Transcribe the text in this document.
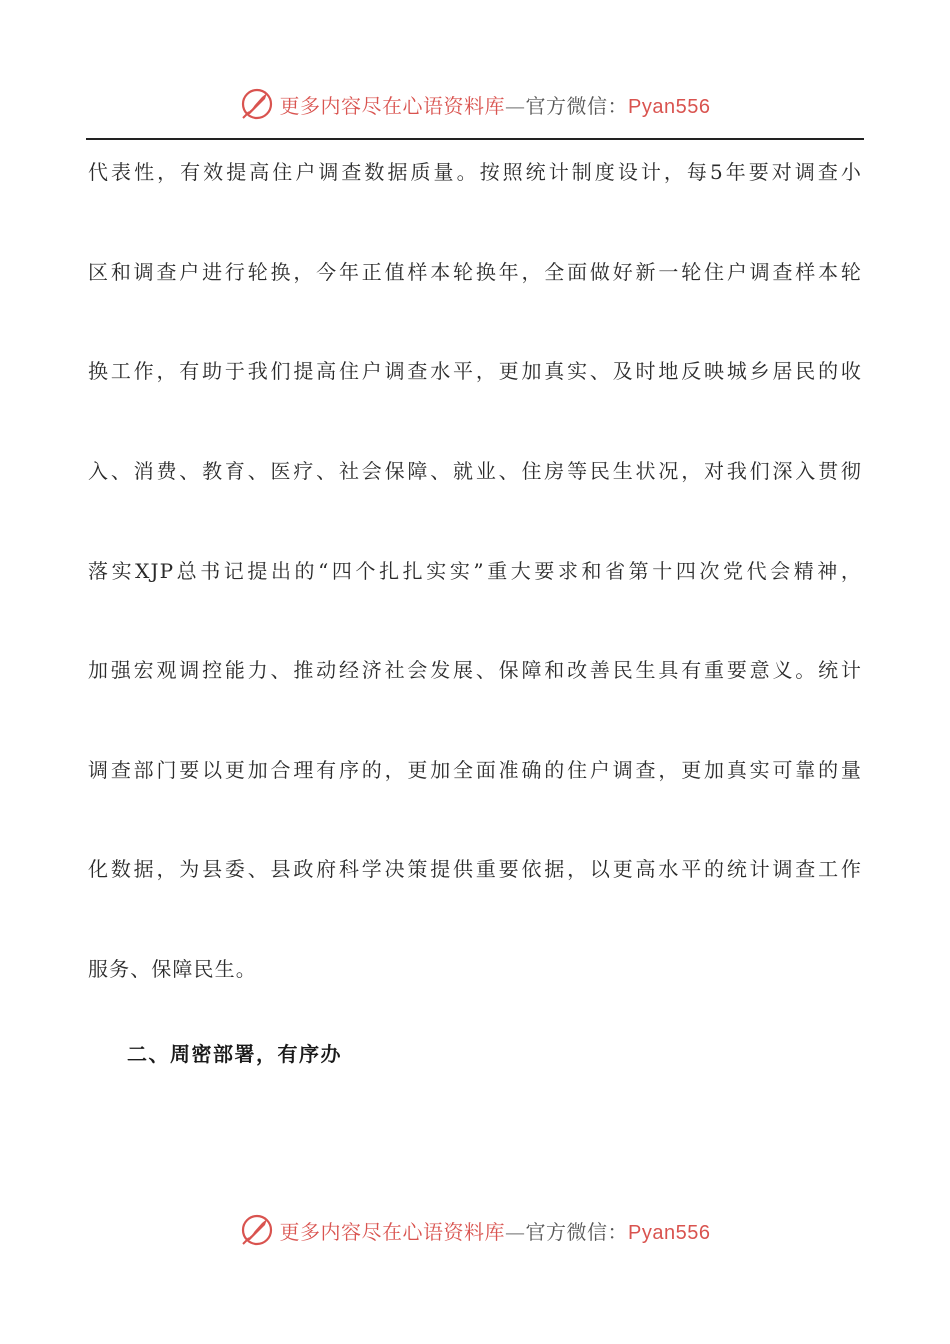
更多内容尽在心语资料库—官方微信：Pyan556
代表性，有效提高住户调查数据质量。按照统计制度设计，每5年要对调查小
区和调查户进行轮换，今年正值样本轮换年，全面做好新一轮住户调查样本轮
换工作，有助于我们提高住户调查水平，更加真实、及时地反映城乡居民的收
入、消费、教育、医疗、社会保障、就业、住房等民生状况，对我们深入贯彻
落实XJP总书记提出的“四个扎扎实实”重大要求和省第十四次党代会精神，
加强宏观调控能力、推动经济社会发展、保障和改善民生具有重要意义。统计
调查部门要以更加合理有序的，更加全面准确的住户调查，更加真实可靠的量
化数据，为县委、县政府科学决策提供重要依据，以更高水平的统计调查工作
服务、保障民生。
二、周密部署，有序办
更多内容尽在心语资料库—官方微信：Pyan556
